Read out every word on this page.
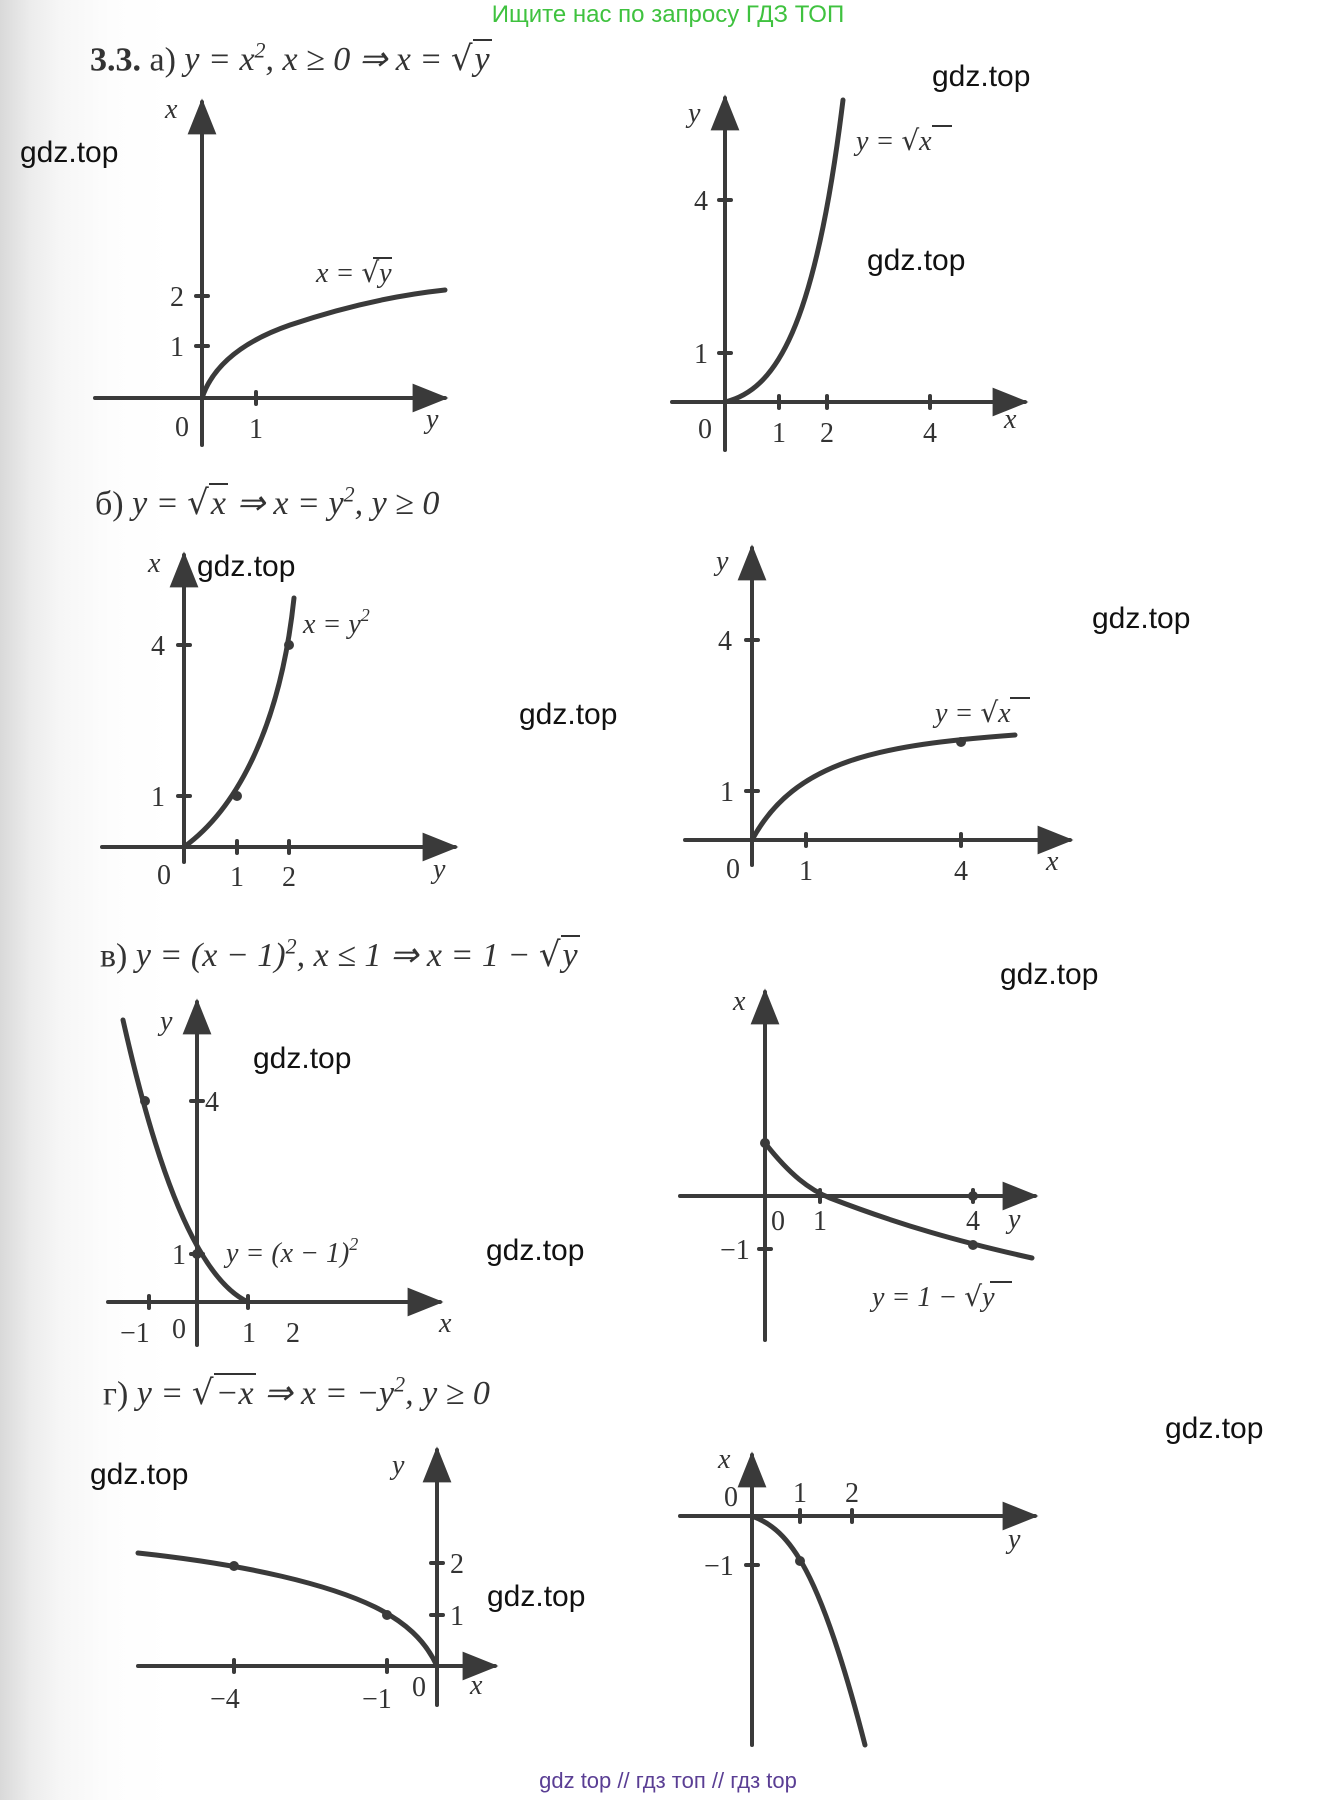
Ищите нас по запросу ГДЗ ТОП
3.3. а) $y = x^2$, x ≥ 0 ⇒ x = √y
б) y = √x ⇒ $x = y^2$, y ≥ 0
в) $y = (x - 1)^2$, x ≤ 1 ⇒ x = 1 − √y
г) y = √−x ⇒ $x = -y^2$, y ≥ 0
x
y
x = √y
0 1
1
2
y
x
y = √x
0 1 2	4
1
4
x
y
$x = y^2$
0 1 2
1
4
y
x
y = √x
0 1	4
1
4
y
x
$y = (x - 1)^2$
0
−1	1 2
1
4
x
y
y = 1 − √y
0 1	4
−1
y
x
0
−4	−1
1
2
x
y
0 1 2
−1
gdz.top
gdz.top
gdz.top
gdz.top
gdz.top
gdz.top
gdz.top
gdz.top
gdz.top
gdz.top
gdz.top
gdz.top
gdz top // гдз топ // гдз top
